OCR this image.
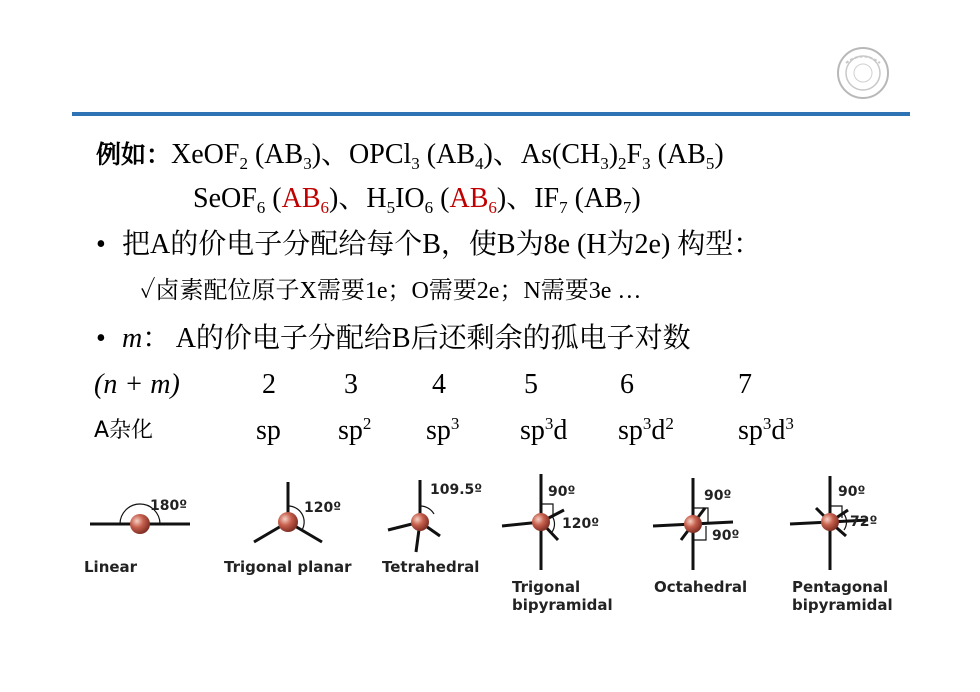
例如：XeOF$_2$ $(AB_3)$、OPCl$_3$ $(AB_4)$、$As(CH_3)_2F_3$ $(AB_5)$
SeOF$_6$ $(AB_6)$、$H_5IO_6$ $(AB_6)$、$IF_7$ $(AB_7)$
• 把A的价电子分配给每个B，使B为8e (H为2e) 构型：
✓卤素配位原子X需要1e；O需要2e；N需要3e …
• m： A的价电子分配给B后还剩余的孤电子对数
(n + m)	2 3	4	5	6	7
A杂化	sp $sp^2$ $sp^3$ $sp^3d$ $sp^3d^2$ $sp^3d^3$
180º	120º
109.5º	90º
120º
90º
90º
90º
72º
Linear	Trigonal planar Tetrahedral
Trigonal bipyramidal
Octahedral	Pentagonal bipyramidal
